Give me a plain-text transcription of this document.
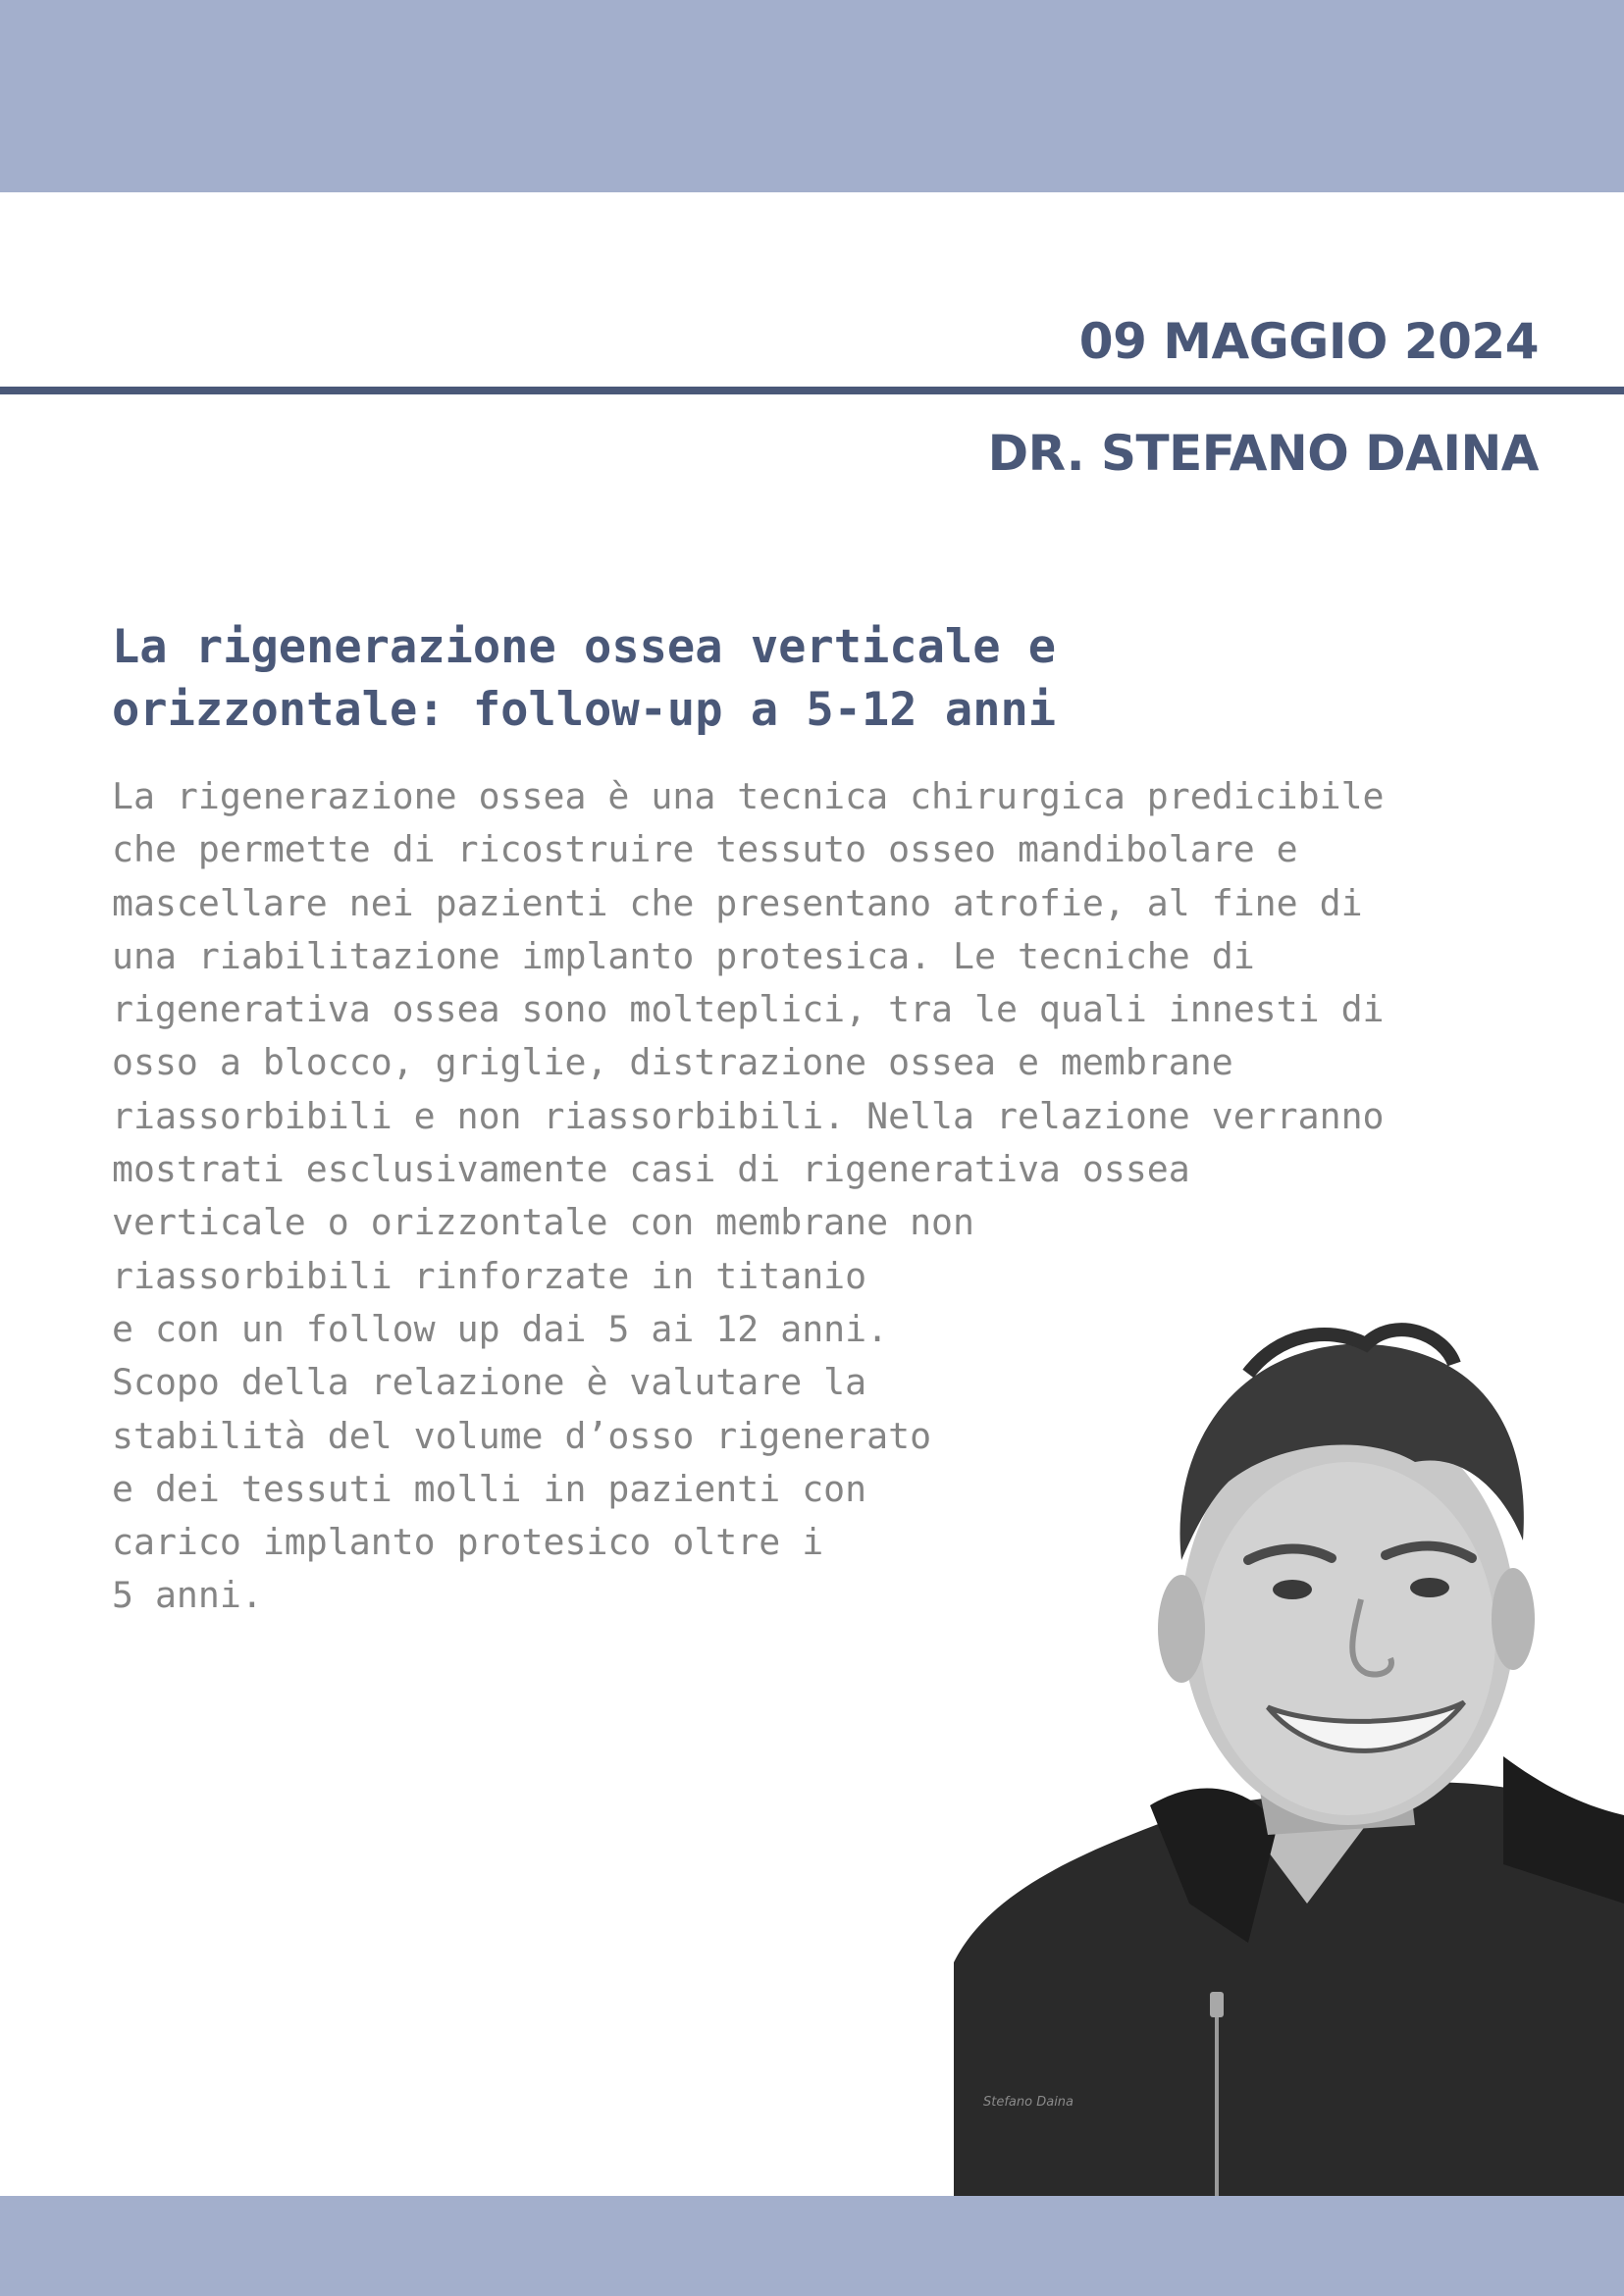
09 MAGGIO 2024
DR. STEFANO DAINA
La rigenerazione ossea verticale e
orizzontale: follow-up a 5-12 anni
La rigenerazione ossea è una tecnica chirurgica predicibile
che permette di ricostruire tessuto osseo mandibolare e
mascellare nei pazienti che presentano atrofie, al fine di
una riabilitazione implanto protesica. Le tecniche di
rigenerativa ossea sono molteplici, tra le quali innesti di
osso a blocco, griglie, distrazione ossea e membrane
riassorbibili e non riassorbibili. Nella relazione verranno
mostrati esclusivamente casi di rigenerativa ossea
verticale o orizzontale con membrane non
riassorbibili rinforzate in titanio
e con un follow up dai 5 ai 12 anni.
Scopo della relazione è valutare la
stabilità del volume d’osso rigenerato
e dei tessuti molli in pazienti con
carico implanto protesico oltre i
5 anni.
Stefano Daina
